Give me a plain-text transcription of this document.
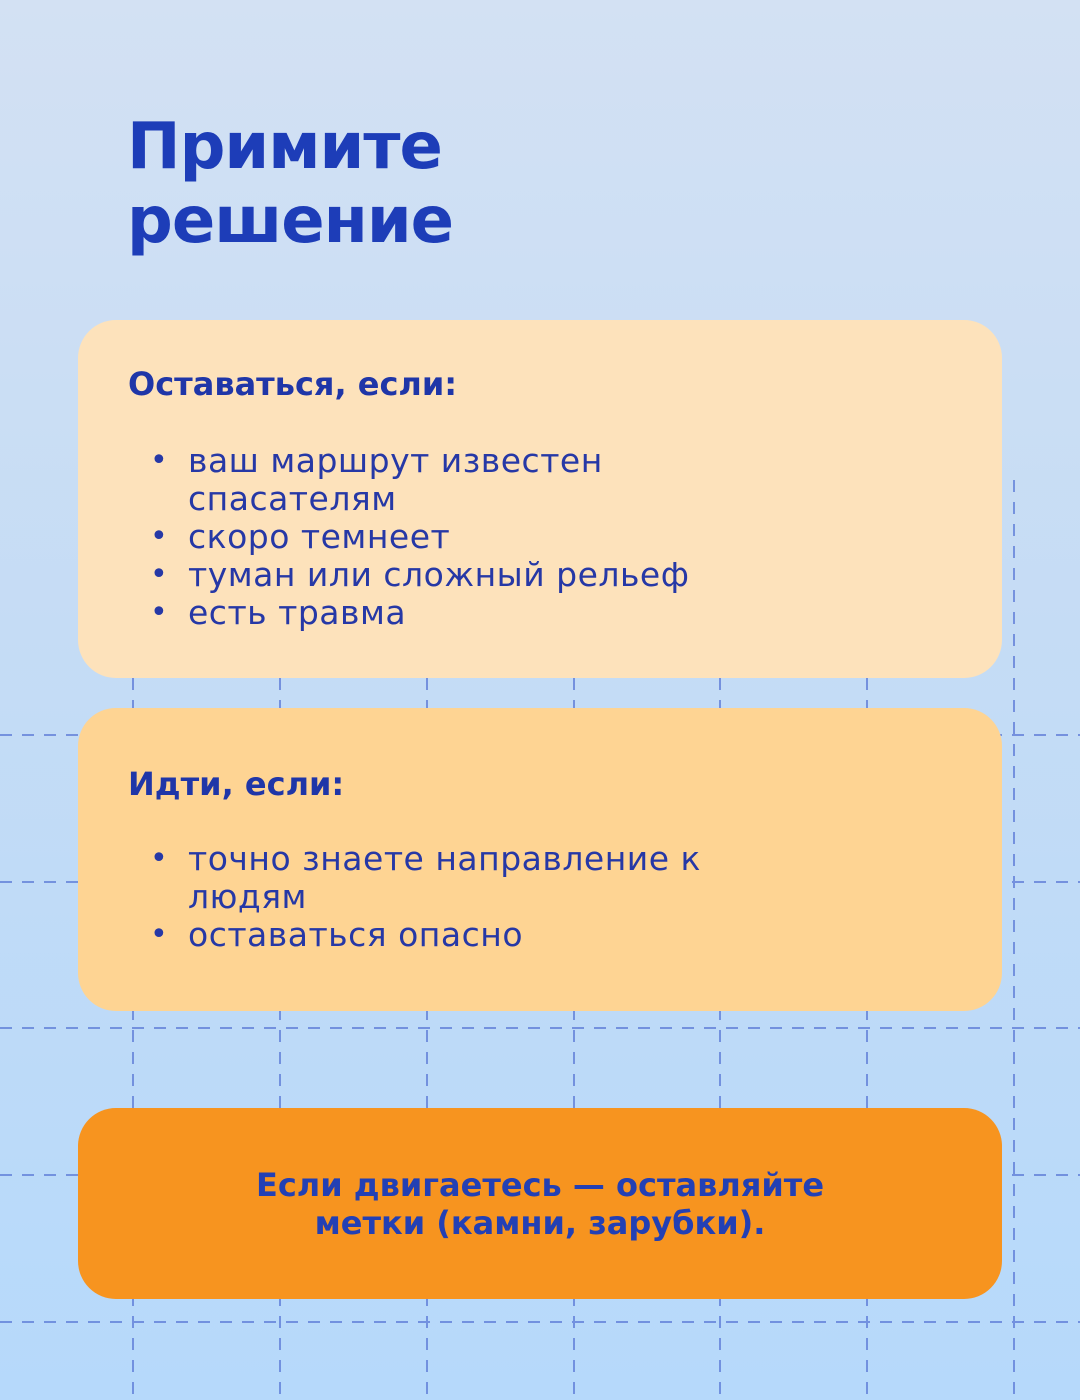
Примите
решение
Оставаться, если:
• ваш маршрут известен спасателям
• скоро темнеет
• туман или сложный рельеф
• есть травма
Идти, если:
• точно знаете направление к людям
• оставаться опасно

Если двигаетесь — оставляйте
метки (камни, зарубки).
